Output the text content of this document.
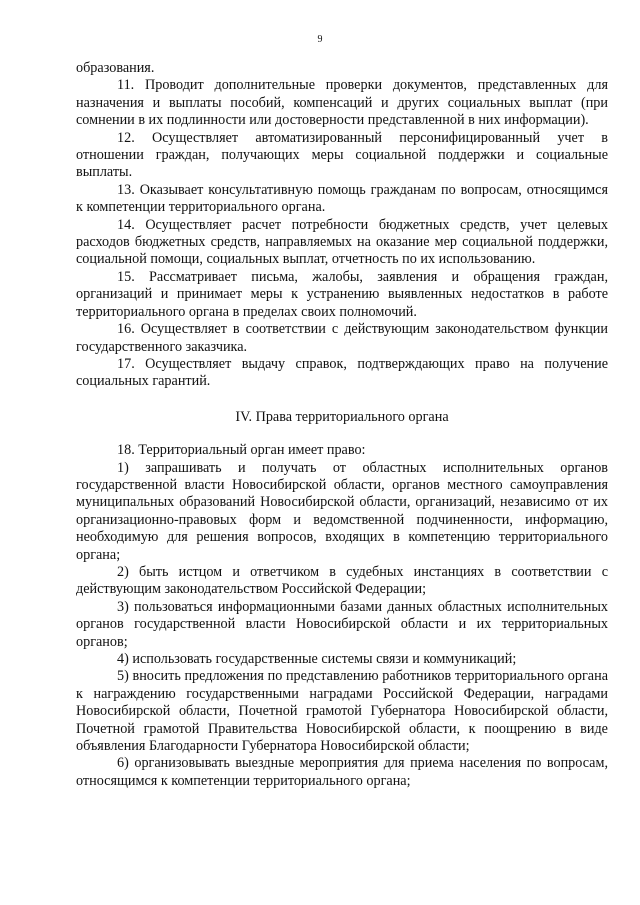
9

образования.

11. Проводит дополнительные проверки документов, представленных для назначения и выплаты пособий, компенсаций и других социальных выплат (при сомнении в их подлинности или достоверности представленной в них информации).

12. Осуществляет автоматизированный персонифицированный учет в отношении граждан, получающих меры социальной поддержки и социальные выплаты.

13. Оказывает консультативную помощь гражданам по вопросам, относящимся к компетенции территориального органа.

14. Осуществляет расчет потребности бюджетных средств, учет целевых расходов бюджетных средств, направляемых на оказание мер социальной поддержки, социальной помощи, социальных выплат, отчетность по их использованию.

15. Рассматривает письма, жалобы, заявления и обращения граждан, организаций и принимает меры к устранению выявленных недостатков в работе территориального органа в пределах своих полномочий.

16. Осуществляет в соответствии с действующим законодательством функции государственного заказчика.

17. Осуществляет выдачу справок, подтверждающих право на получение социальных гарантий.

IV. Права территориального органа

18. Территориальный орган имеет право:

1) запрашивать и получать от областных исполнительных органов государственной власти Новосибирской области, органов местного самоуправления муниципальных образований Новосибирской области, организаций, независимо от их организационно-правовых форм и ведомственной подчиненности, информацию, необходимую для решения вопросов, входящих в компетенцию территориального органа;

2) быть истцом и ответчиком в судебных инстанциях в соответствии с действующим законодательством Российской Федерации;

3) пользоваться информационными базами данных областных исполнительных органов государственной власти Новосибирской области и их территориальных органов;

4) использовать государственные системы связи и коммуникаций;

5) вносить предложения по представлению работников территориального органа к награждению государственными наградами Российской Федерации, наградами Новосибирской области, Почетной грамотой Губернатора Новосибирской области, Почетной грамотой Правительства Новосибирской области, к поощрению в виде объявления Благодарности Губернатора Новосибирской области;

6) организовывать выездные мероприятия для приема населения по вопросам, относящимся к компетенции территориального органа;
